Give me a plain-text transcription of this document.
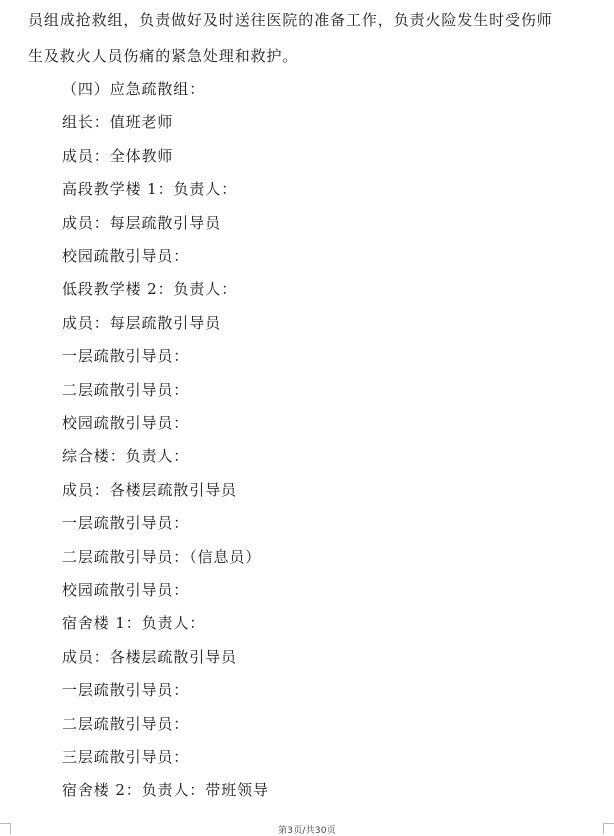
员组成抢救组，负责做好及时送往医院的准备工作，负责火险发生时受伤师
生及救火人员伤痛的紧急处理和救护。
（四）应急疏散组：
组长：值班老师
成员：全体教师
高段教学楼 1：负责人：
成员：每层疏散引导员
校园疏散引导员：
低段教学楼 2：负责人：
成员：每层疏散引导员
一层疏散引导员：
二层疏散引导员：
校园疏散引导员：
综合楼：负责人：
成员：各楼层疏散引导员
一层疏散引导员：
二层疏散引导员：（信息员）
校园疏散引导员：
宿舍楼 1：负责人：
成员：各楼层疏散引导员
一层疏散引导员：
二层疏散引导员：
三层疏散引导员：
宿舍楼 2：负责人：带班领导
第3页/共30页
